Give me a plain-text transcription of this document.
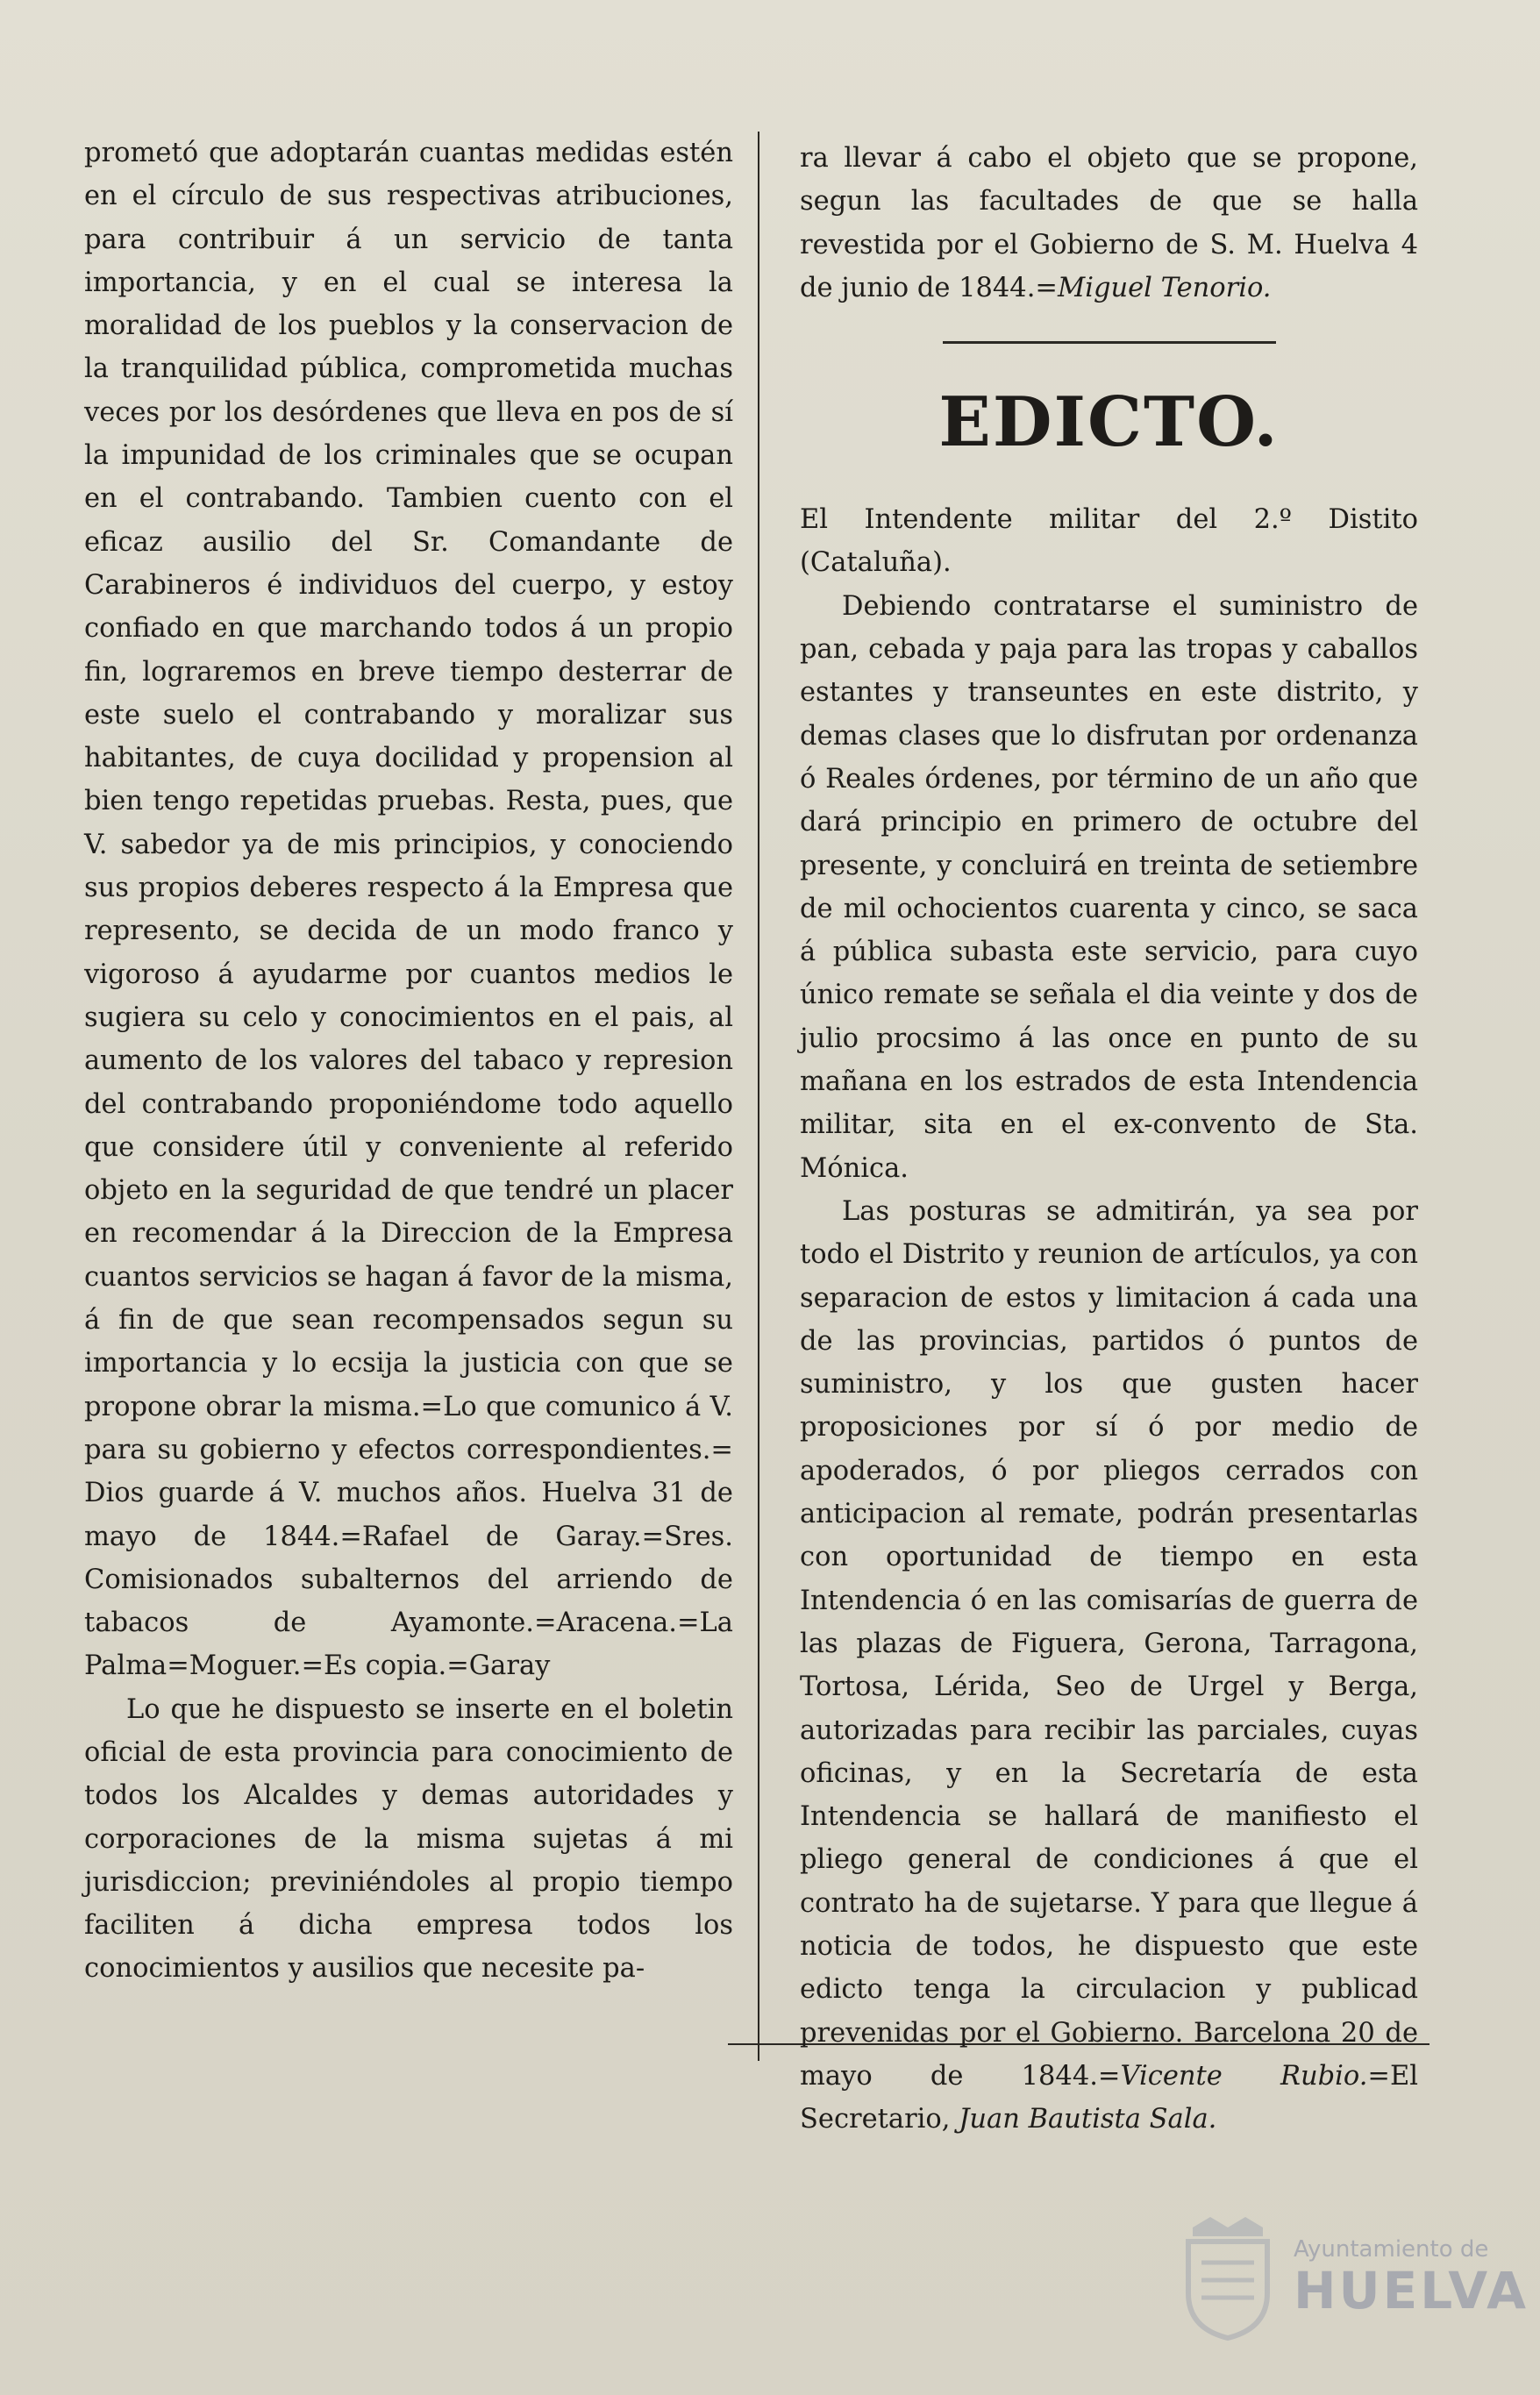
prometó que adoptarán cuantas medidas estén en el círculo de sus respectivas atribuciones, para contribuir á un servicio de tanta importancia, y en el cual se interesa la moralidad de los pueblos y la conservacion de la tranquilidad pública, comprometida muchas veces por los desórdenes que lleva en pos de sí la impunidad de los criminales que se ocupan en el contrabando. Tambien cuento con el eficaz ausilio del Sr. Comandante de Carabineros é individuos del cuerpo, y estoy confiado en que marchando todos á un propio fin, lograremos en breve tiempo desterrar de este suelo el contrabando y moralizar sus habitantes, de cuya docilidad y propension al bien tengo repetidas pruebas. Resta, pues, que V. sabedor ya de mis principios, y conociendo sus propios deberes respecto á la Empresa que represento, se decida de un modo franco y vigoroso á ayudarme por cuantos medios le sugiera su celo y conocimientos en el pais, al aumento de los valores del tabaco y represion del contrabando proponiéndome todo aquello que considere útil y conveniente al referido objeto en la seguridad de que tendré un placer en recomendar á la Direccion de la Empresa cuantos servicios se hagan á favor de la misma, á fin de que sean recompensados segun su importancia y lo ecsija la justicia con que se propone obrar la misma.=Lo que comunico á V. para su gobierno y efectos correspondientes.= Dios guarde á V. muchos años. Huelva 31 de mayo de 1844.=Rafael de Garay.=Sres. Comisionados subalternos del arriendo de tabacos de Ayamonte.=Aracena.=La Palma=Moguer.=Es copia.=Garay

Lo que he dispuesto se inserte en el boletin oficial de esta provincia para conocimiento de todos los Alcaldes y demas autoridades y corporaciones de la misma sujetas á mi jurisdiccion; previniéndoles al propio tiempo faciliten á dicha empresa todos los conocimientos y ausilios que necesite pa-

ra llevar á cabo el objeto que se propone, segun las facultades de que se halla revestida por el Gobierno de S. M. Huelva 4 de junio de 1844.=Miguel Tenorio.

EDICTO.

El Intendente militar del 2.º Distito (Cataluña).

Debiendo contratarse el suministro de pan, cebada y paja para las tropas y caballos estantes y transeuntes en este distrito, y demas clases que lo disfrutan por ordenanza ó Reales órdenes, por término de un año que dará principio en primero de octubre del presente, y concluirá en treinta de setiembre de mil ochocientos cuarenta y cinco, se saca á pública subasta este servicio, para cuyo único remate se señala el dia veinte y dos de julio procsimo á las once en punto de su mañana en los estrados de esta Intendencia militar, sita en el ex-convento de Sta. Mónica.

Las posturas se admitirán, ya sea por todo el Distrito y reunion de artículos, ya con separacion de estos y limitacion á cada una de las provincias, partidos ó puntos de suministro, y los que gusten hacer proposiciones por sí ó por medio de apoderados, ó por pliegos cerrados con anticipacion al remate, podrán presentarlas con oportunidad de tiempo en esta Intendencia ó en las comisarías de guerra de las plazas de Figuera, Gerona, Tarragona, Tortosa, Lérida, Seo de Urgel y Berga, autorizadas para recibir las parciales, cuyas oficinas, y en la Secretaría de esta Intendencia se hallará de manifiesto el pliego general de condiciones á que el contrato ha de sujetarse. Y para que llegue á noticia de todos, he dispuesto que este edicto tenga la circulacion y publicad prevenidas por el Gobierno. Barcelona 20 de mayo de 1844.=Vicente Rubio.=El Secretario, Juan Bautista Sala.

Ayuntamiento de
HUELVA
